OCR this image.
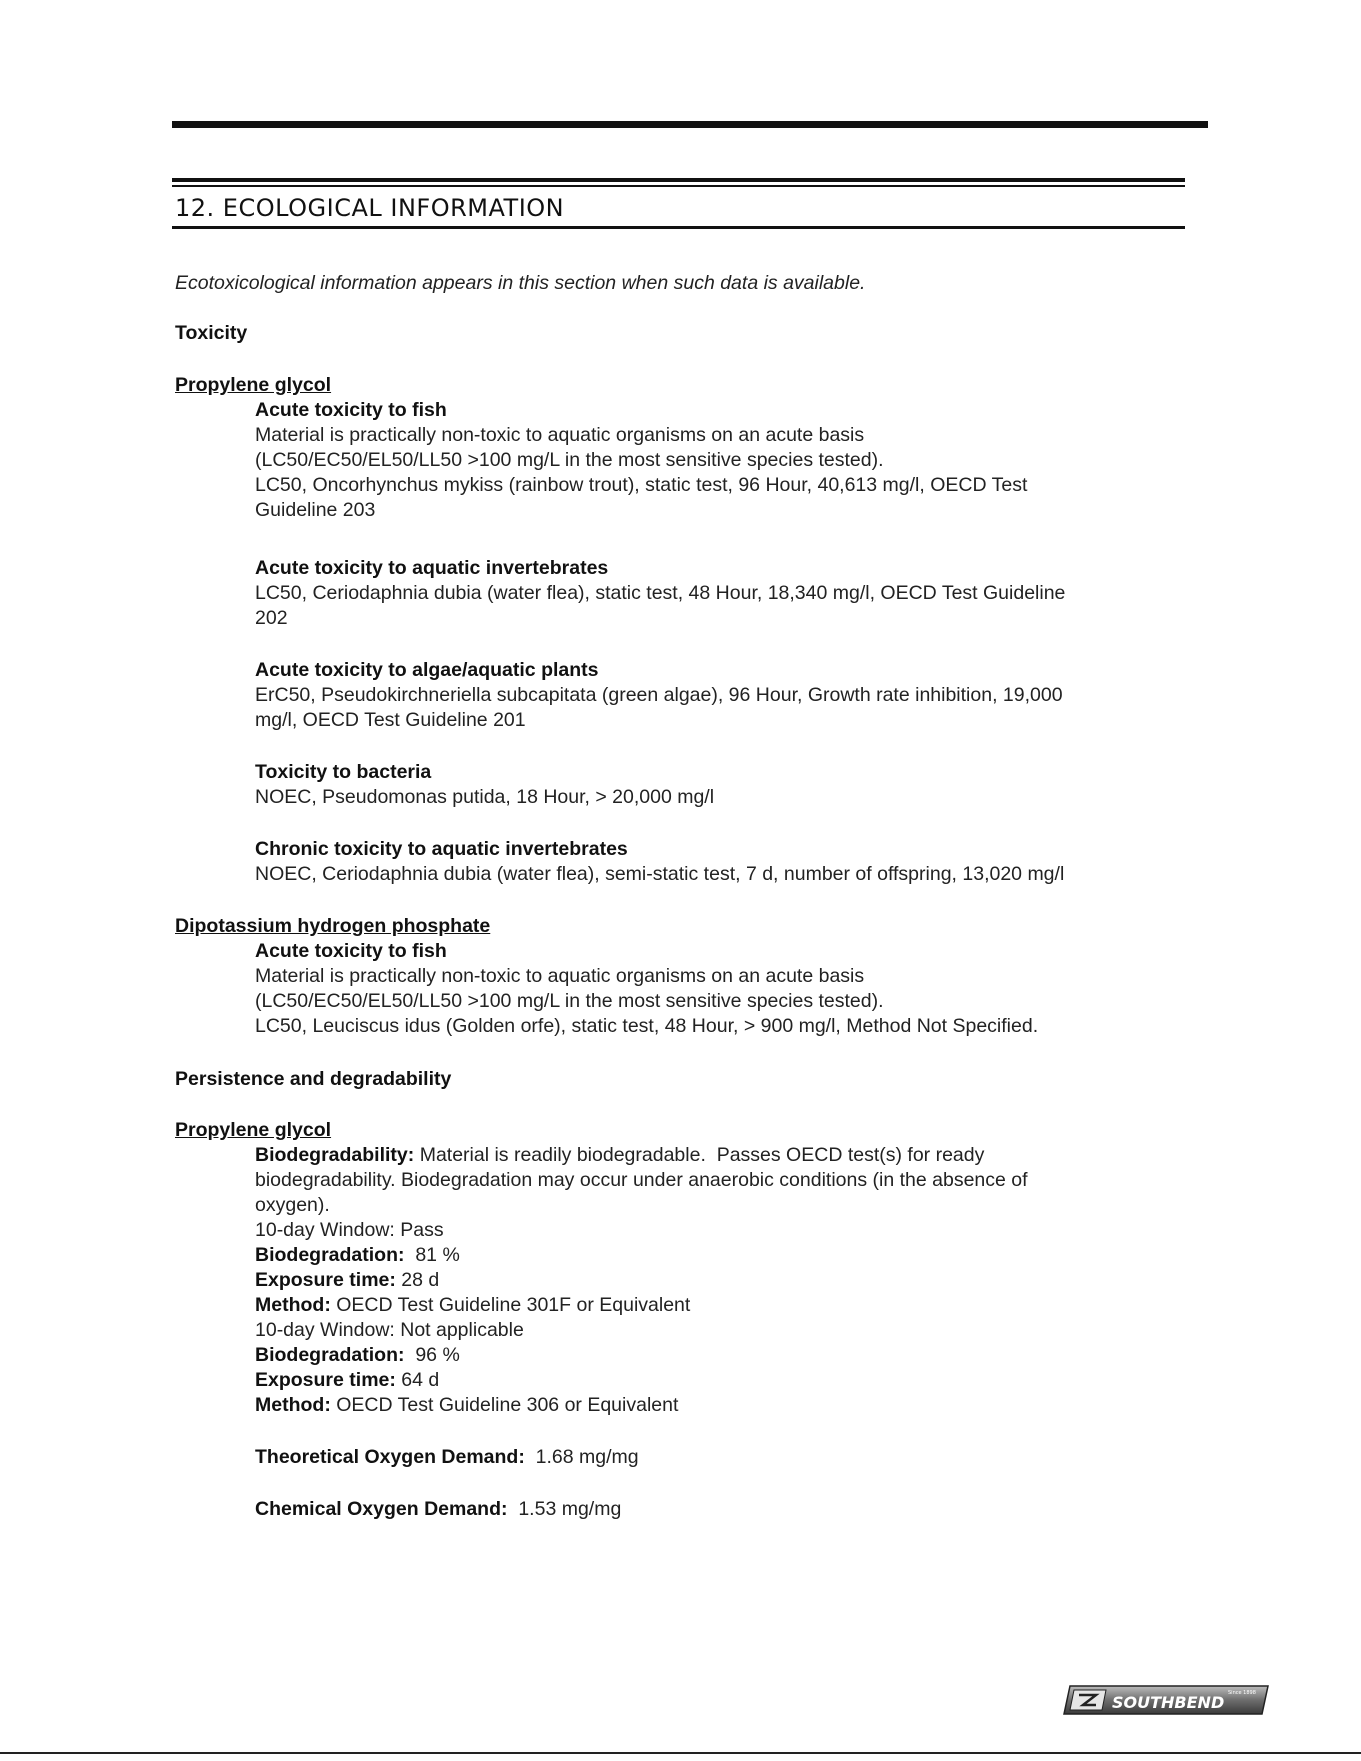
12. ECOLOGICAL INFORMATION
Ecotoxicological information appears in this section when such data is available.
Toxicity
Propylene glycol
Acute toxicity to fish
Material is practically non-toxic to aquatic organisms on an acute basis
(LC50/EC50/EL50/LL50 >100 mg/L in the most sensitive species tested).
LC50, Oncorhynchus mykiss (rainbow trout), static test, 96 Hour, 40,613 mg/l, OECD Test
Guideline 203
Acute toxicity to aquatic invertebrates
LC50, Ceriodaphnia dubia (water flea), static test, 48 Hour, 18,340 mg/l, OECD Test Guideline
202
Acute toxicity to algae/aquatic plants
ErC50, Pseudokirchneriella subcapitata (green algae), 96 Hour, Growth rate inhibition, 19,000
mg/l, OECD Test Guideline 201
Toxicity to bacteria
NOEC, Pseudomonas putida, 18 Hour, > 20,000 mg/l
Chronic toxicity to aquatic invertebrates
NOEC, Ceriodaphnia dubia (water flea), semi-static test, 7 d, number of offspring, 13,020 mg/l
Dipotassium hydrogen phosphate
Acute toxicity to fish
Material is practically non-toxic to aquatic organisms on an acute basis
(LC50/EC50/EL50/LL50 >100 mg/L in the most sensitive species tested).
LC50, Leuciscus idus (Golden orfe), static test, 48 Hour, > 900 mg/l, Method Not Specified.
Persistence and degradability
Propylene glycol
Biodegradability: Material is readily biodegradable.  Passes OECD test(s) for ready
biodegradability. Biodegradation may occur under anaerobic conditions (in the absence of
oxygen).
10-day Window: Pass
Biodegradation:  81 %
Exposure time: 28 d
Method: OECD Test Guideline 301F or Equivalent
10-day Window: Not applicable
Biodegradation:  96 %
Exposure time: 64 d
Method: OECD Test Guideline 306 or Equivalent
Theoretical Oxygen Demand:  1.68 mg/mg
Chemical Oxygen Demand:  1.53 mg/mg
SOUTHBEND Since 1898
